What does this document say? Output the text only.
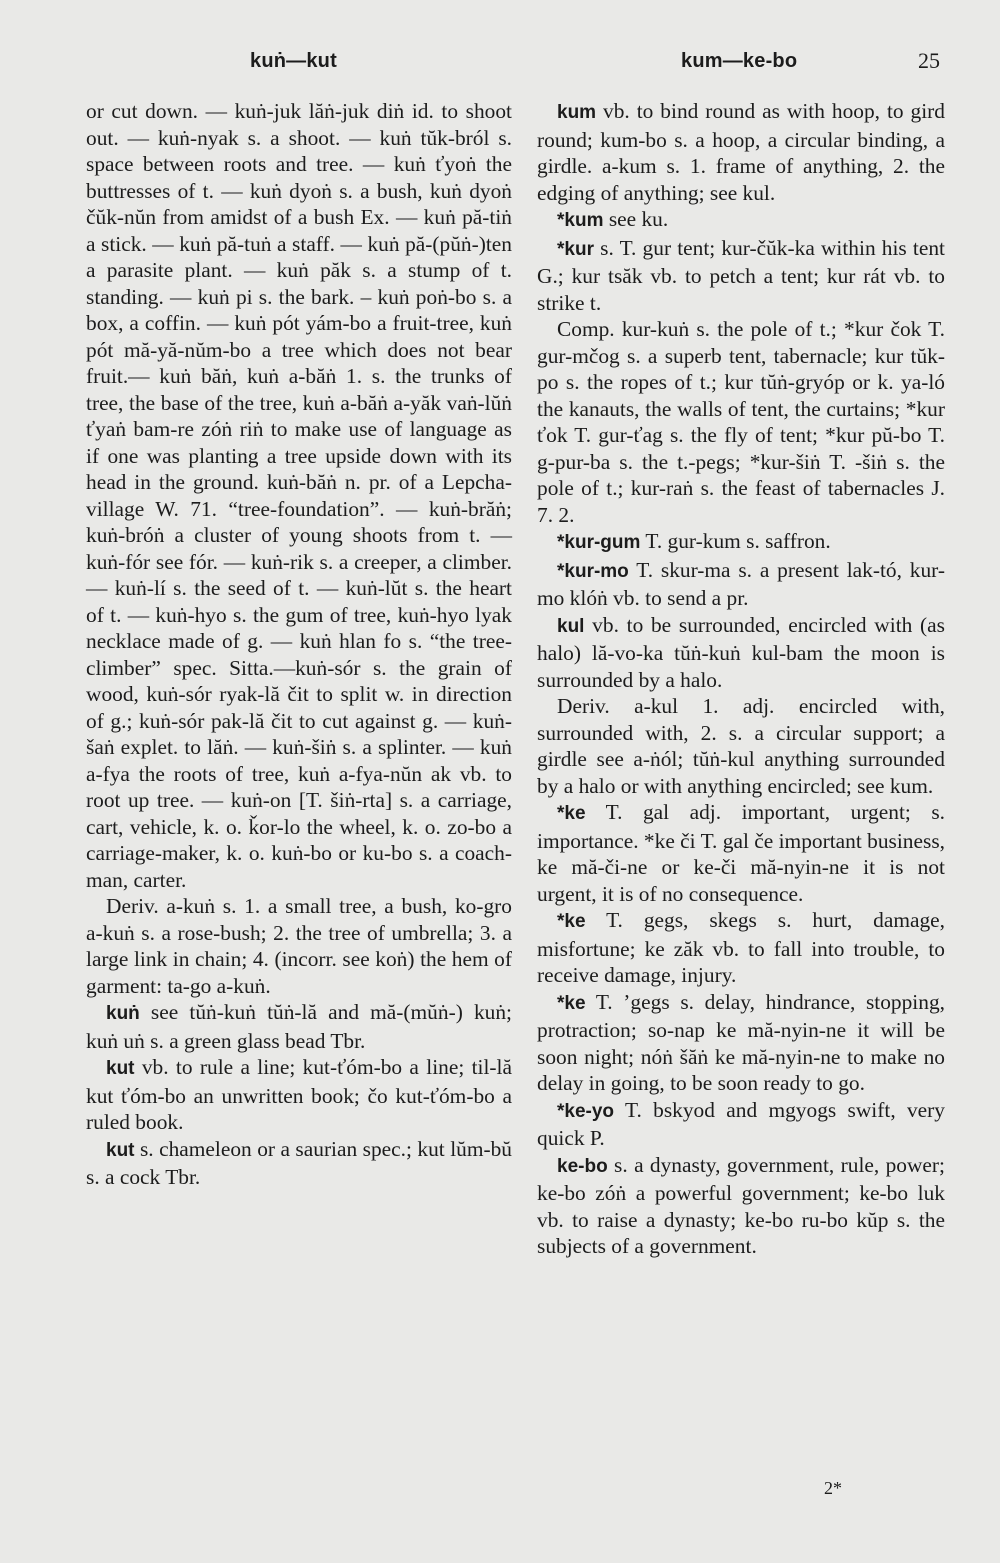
kuṅ—kut	kum—ke-bo	25

or cut down. — kuṅ-juk lăṅ-juk diṅ id. to shoot out. — kuṅ-nyak s. a shoot. — kuṅ tŭk-bról s. space between roots and tree. — kuṅ ťyoṅ the buttresses of t. — kuṅ dyoṅ s. a bush, kuṅ dyoṅ čŭk-nŭn from amidst of a bush Ex. — kuṅ pă-tiṅ a stick. — kuṅ pă-tuṅ a staff. — kuṅ pă-(pŭṅ-)ten a parasite plant. — kuṅ păk s. a stump of t. standing. — kuṅ pi s. the bark. – kuṅ poṅ-bo s. a box, a coffin. — kuṅ pót yám-bo a fruit-tree, kuṅ pót mă-yă-nŭm-bo a tree which does not bear fruit.— kuṅ băṅ, kuṅ a-băṅ 1. s. the trunks of tree, the base of the tree, kuṅ a-băṅ a-yăk vaṅ-lŭṅ ťyaṅ bam-re zóṅ riṅ to make use of language as if one was planting a tree upside down with its head in the ground. kuṅ-băṅ n. pr. of a Lepcha-village W. 71. “tree-foundation”. — kuṅ-brăṅ; kuṅ-bróṅ a cluster of young shoots from t. — kuṅ-fór see fór. — kuṅ-rik s. a creeper, a climber. — kuṅ-lí s. the seed of t. — kuṅ-lŭt s. the heart of t. — kuṅ-hyo s. the gum of tree, kuṅ-hyo lyak necklace made of g. — kuṅ hlan fo s. “the tree-climber” spec. Sitta.—kuṅ-sór s. the grain of wood, kuṅ-sór ryak-lă čit to split w. in direction of g.; kuṅ-sór pak-lă čit to cut against g. — kuṅ-šaṅ explet. to lăṅ. — kuṅ-šiṅ s. a splinter. — kuṅ a-fya the roots of tree, kuṅ a-fya-nŭn ak vb. to root up tree. — kuṅ-on [T. šiṅ-rta] s. a carriage, cart, vehicle, k. o. ǩor-lo the wheel, k. o. zo-bo a carriage-maker, k. o. kuṅ-bo or ku-bo s. a coach-man, carter.

Deriv. a-kuṅ s. 1. a small tree, a bush, ko-gro a-kuṅ s. a rose-bush; 2. the tree of umbrella; 3. a large link in chain; 4. (incorr. see koṅ) the hem of garment: ta-go a-kuṅ.

kuṅ see tŭṅ-kuṅ tŭṅ-lă and mă-(mŭṅ-) kuṅ; kuṅ uṅ s. a green glass bead Tbr.

kut vb. to rule a line; kut-ťóm-bo a line; til-lă kut ťóm-bo an unwritten book; čo kut-ťóm-bo a ruled book.

kut s. chameleon or a saurian spec.; kut lŭm-bŭ s. a cock Tbr.

kum vb. to bind round as with hoop, to gird round; kum-bo s. a hoop, a circular binding, a girdle. a-kum s. 1. frame of anything, 2. the edging of anything; see kul.

*kum see ku.

*kur s. T. gur tent; kur-čŭk-ka within his tent G.; kur tsăk vb. to petch a tent; kur rát vb. to strike t.

Comp. kur-kuṅ s. the pole of t.; *kur čok T. gur-mčog s. a superb tent, tabernacle; kur tŭk-po s. the ropes of t.; kur tŭṅ-gryóp or k. ya-ló the kanauts, the walls of tent, the curtains; *kur ťok T. gur-ťag s. the fly of tent; *kur pŭ-bo T. g-pur-ba s. the t.-pegs; *kur-šiṅ T. -šiṅ s. the pole of t.; kur-raṅ s. the feast of tabernacles J. 7. 2.

*kur-gum T. gur-kum s. saffron.

*kur-mo T. skur-ma s. a present lak-tó, kur-mo klóṅ vb. to send a pr.

kul vb. to be surrounded, encircled with (as halo) lă-vo-ka tŭṅ-kuṅ kul-bam the moon is surrounded by a halo.

Deriv. a-kul 1. adj. encircled with, surrounded with, 2. s. a circular support; a girdle see a-ṅól; tŭṅ-kul anything surrounded by a halo or with anything encircled; see kum.

*ke T. gal adj. important, urgent; s. importance. *ke či T. gal če important business, ke mă-či-ne or ke-či mă-nyin-ne it is not urgent, it is of no consequence.

*ke T. gegs, skegs s. hurt, damage, misfortune; ke zăk vb. to fall into trouble, to receive damage, injury.

*ke T. ’gegs s. delay, hindrance, stopping, protraction; so-nap ke mă-nyin-ne it will be soon night; nóṅ šăṅ ke mă-nyin-ne to make no delay in going, to be soon ready to go.

*ke-yo T. bskyod and mgyogs swift, very quick P.

ke-bo s. a dynasty, government, rule, power; ke-bo zóṅ a powerful government; ke-bo luk vb. to raise a dynasty; ke-bo ru-bo kŭp s. the subjects of a government.

2*
